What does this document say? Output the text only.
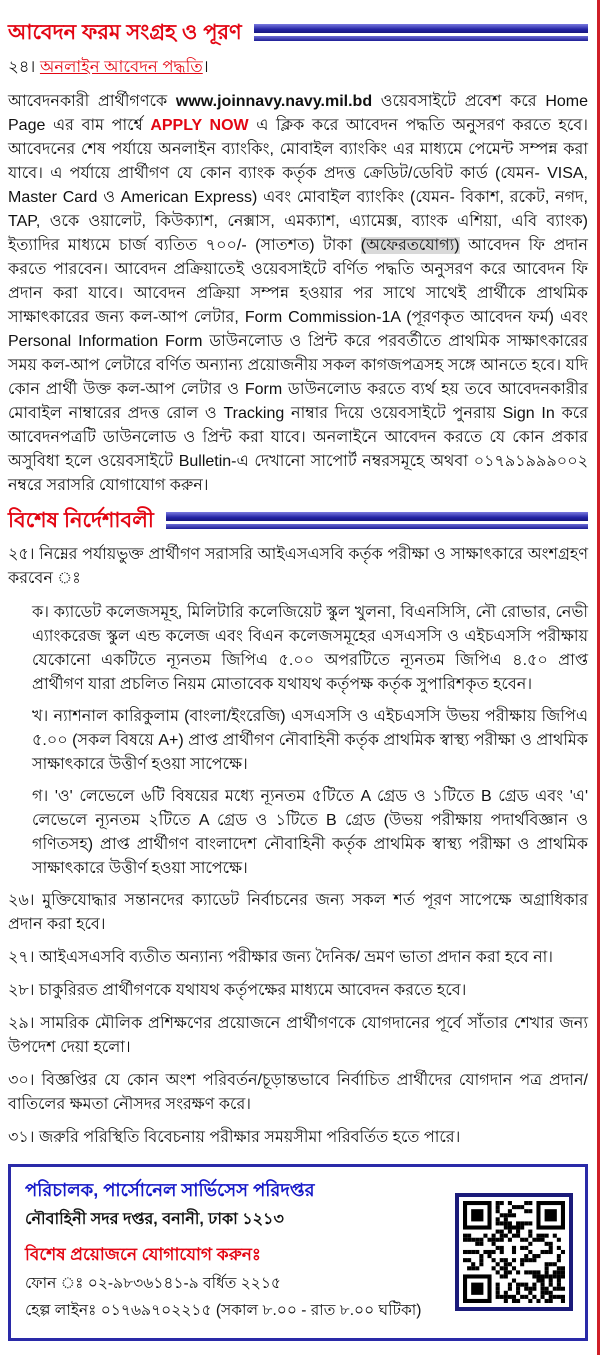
আবেদন ফরম সংগ্রহ ও পূরণ

২৪। অনলাইন আবেদন পদ্ধতি।

আবেদনকারী প্রার্থীগণকে www.joinnavy.navy.mil.bd ওয়েবসাইটে প্রবেশ করে Home Page এর বাম পার্শ্বে APPLY NOW এ ক্লিক করে আবেদন পদ্ধতি অনুসরণ করতে হবে। আবেদনের শেষ পর্যায়ে অনলাইন ব্যাংকিং, মোবাইল ব্যাংকিং এর মাধ্যমে পেমেন্ট সম্পন্ন করা যাবে। এ পর্যায়ে প্রার্থীগণ যে কোন ব্যাংক কর্তৃক প্রদত্ত ক্রেডিট/ডেবিট কার্ড (যেমন- VISA, Master Card ও American Express) এবং মোবাইল ব্যাংকিং (যেমন- বিকাশ, রকেট, নগদ, TAP, ওকে ওয়ালেট, কিউক্যাশ, নেক্সাস, এমক্যাশ, এ্যামেক্স, ব্যাংক এশিয়া, এবি ব্যাংক) ইত্যাদির মাধ্যমে চার্জ ব্যতিত ৭০০/- (সাতশত) টাকা (অফেরতযোগ্য) আবেদন ফি প্রদান করতে পারবেন। আবেদন প্রক্রিয়াতেই ওয়েবসাইটে বর্ণিত পদ্ধতি অনুসরণ করে আবেদন ফি প্রদান করা যাবে। আবেদন প্রক্রিয়া সম্পন্ন হওয়ার পর সাথে সাথেই প্রার্থীকে প্রাথমিক সাক্ষাৎকারের জন্য কল-আপ লেটার, Form Commission-1A (পূরণকৃত আবেদন ফর্ম) এবং Personal Information Form ডাউনলোড ও প্রিন্ট করে পরবর্তীতে প্রাথমিক সাক্ষাৎকারের সময় কল-আপ লেটারে বর্ণিত অন্যান্য প্রয়োজনীয় সকল কাগজপত্রসহ সঙ্গে আনতে হবে। যদি কোন প্রার্থী উক্ত কল-আপ লেটার ও Form ডাউনলোড করতে ব্যর্থ হয় তবে আবেদনকারীর মোবাইল নাম্বারের প্রদত্ত রোল ও Tracking নাম্বার দিয়ে ওয়েবসাইটে পুনরায় Sign In করে আবেদনপত্রটি ডাউনলোড ও প্রিন্ট করা যাবে। অনলাইনে আবেদন করতে যে কোন প্রকার অসুবিধা হলে ওয়েবসাইটে Bulletin-এ দেখানো সাপোর্ট নম্বরসমূহে অথবা ০১৭৯১৯৯৯০০২ নম্বরে সরাসরি যোগাযোগ করুন।

বিশেষ নির্দেশাবলী

২৫। নিম্নের পর্যায়ভুক্ত প্রার্থীগণ সরাসরি আইএসএসবি কর্তৃক পরীক্ষা ও সাক্ষাৎকারে অংশগ্রহণ করবেন ঃ

ক। ক্যাডেট কলেজসমূহ, মিলিটারি কলেজিয়েট স্কুল খুলনা, বিএনসিসি, নৌ রোভার, নেভী এ্যাংকরেজ স্কুল এন্ড কলেজ এবং বিএন কলেজসমূহের এসএসসি ও এইচএসসি পরীক্ষায় যেকোনো একটিতে ন্যূনতম জিপিএ ৫.০০ অপরটিতে ন্যূনতম জিপিএ ৪.৫০ প্রাপ্ত প্রার্থীগণ যারা প্রচলিত নিয়ম মোতাবেক যথাযথ কর্তৃপক্ষ কর্তৃক সুপারিশকৃত হবেন।

খ। ন্যাশনাল কারিকুলাম (বাংলা/ইংরেজি) এসএসসি ও এইচএসসি উভয় পরীক্ষায় জিপিএ ৫.০০ (সকল বিষয়ে A+) প্রাপ্ত প্রার্থীগণ নৌবাহিনী কর্তৃক প্রাথমিক স্বাস্থ্য পরীক্ষা ও প্রাথমিক সাক্ষাৎকারে উত্তীর্ণ হওয়া সাপেক্ষে।

গ। 'ও' লেভেলে ৬টি বিষয়ের মধ্যে ন্যূনতম ৫টিতে A গ্রেড ও ১টিতে B গ্রেড এবং 'এ' লেভেলে ন্যূনতম ২টিতে A গ্রেড ও ১টিতে B গ্রেড (উভয় পরীক্ষায় পদার্থবিজ্ঞান ও গণিতসহ) প্রাপ্ত প্রার্থীগণ বাংলাদেশ নৌবাহিনী কর্তৃক প্রাথমিক স্বাস্থ্য পরীক্ষা ও প্রাথমিক সাক্ষাৎকারে উত্তীর্ণ হওয়া সাপেক্ষে।

২৬। মুক্তিযোদ্ধার সন্তানদের ক্যাডেট নির্বাচনের জন্য সকল শর্ত পূরণ সাপেক্ষে অগ্রাধিকার প্রদান করা হবে।

২৭। আইএসএসবি ব্যতীত অন্যান্য পরীক্ষার জন্য দৈনিক/ ভ্রমণ ভাতা প্রদান করা হবে না।

২৮। চাকুরিরত প্রার্থীগণকে যথাযথ কর্তৃপক্ষের মাধ্যমে আবেদন করতে হবে।

২৯। সামরিক মৌলিক প্রশিক্ষণের প্রয়োজনে প্রার্থীগণকে যোগদানের পূর্বে সাঁতার শেখার জন্য উপদেশ দেয়া হলো।

৩০। বিজ্ঞপ্তির যে কোন অংশ পরিবর্তন/চূড়ান্তভাবে নির্বাচিত প্রার্থীদের যোগদান পত্র প্রদান/বাতিলের ক্ষমতা নৌসদর সংরক্ষণ করে।

৩১। জরুরি পরিস্থিতি বিবেচনায় পরীক্ষার সময়সীমা পরিবর্তিত হতে পারে।

পরিচালক, পার্সোনেল সার্ভিসেস পরিদপ্তর

নৌবাহিনী সদর দপ্তর, বনানী, ঢাকা ১২১৩

বিশেষ প্রয়োজনে যোগাযোগ করুনঃ

ফোন ঃ ০২-৯৮৩৬১৪১-৯ বর্ধিত ২২১৫

হেল্প লাইনঃ ০১৭৬৯৭০২২১৫ (সকাল ৮.০০ - রাত ৮.০০ ঘটিকা)
